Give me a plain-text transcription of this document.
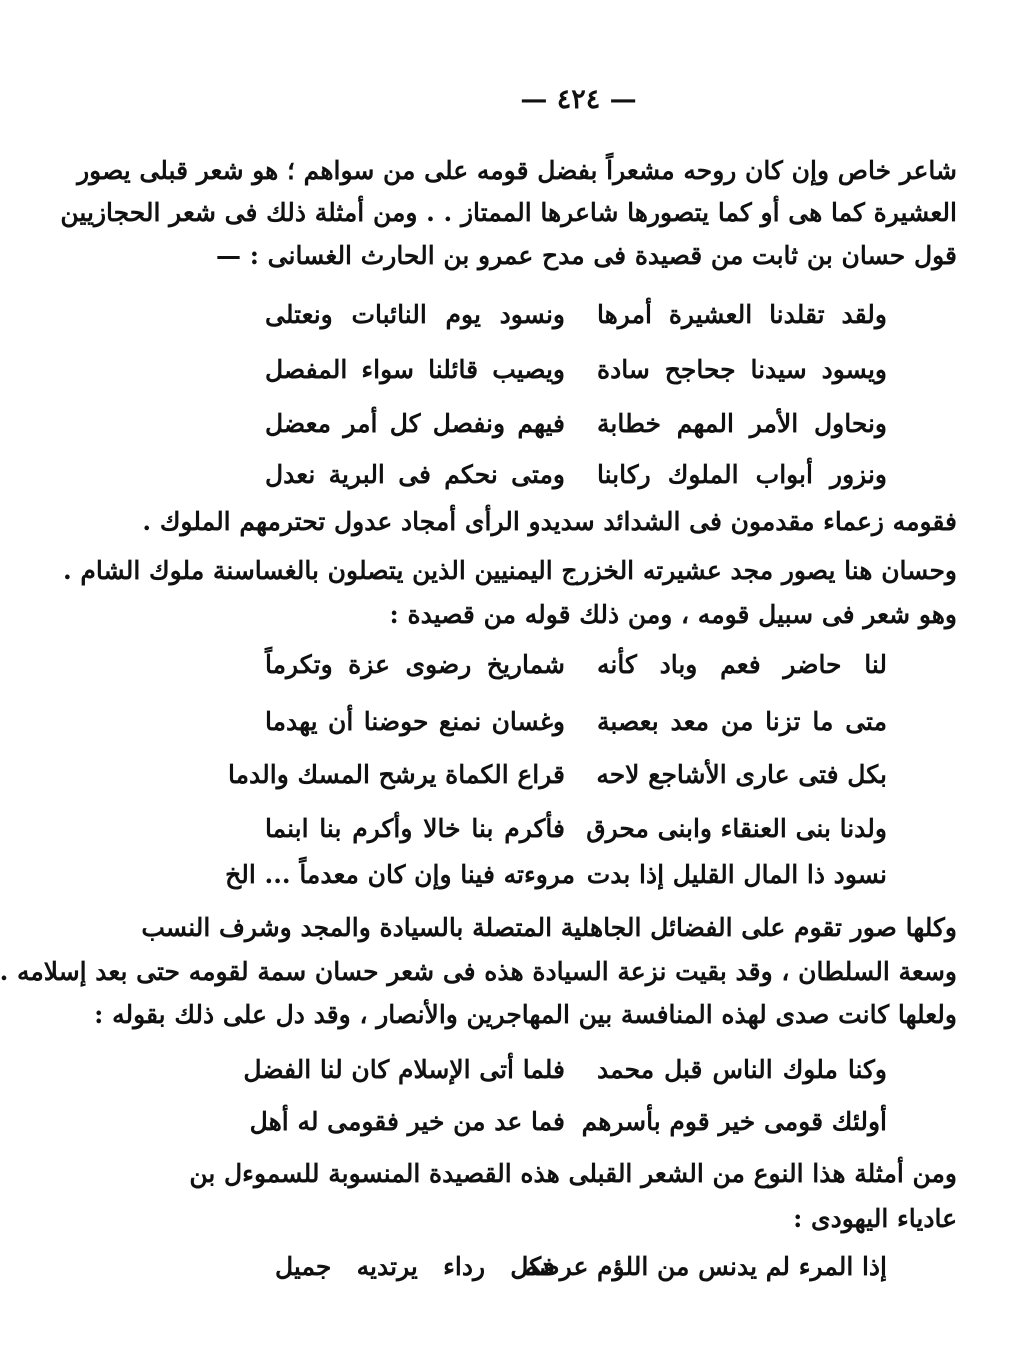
— ٤٢٤ —
شاعر خاص وإن كان روحه مشعراً بفضل قومه على من سواهم ؛ هو شعر قبلى يصور
العشيرة كما هى أو كما يتصورها شاعرها الممتاز . . ومن أمثلة ذلك فى شعر الحجازيين
قول حسان بن ثابت من قصيدة فى مدح عمرو بن الحارث الغسانى : —
ولقد تقلدنا العشيرة أمرها
ونسود يوم النائبات ونعتلى
ويسود سيدنا جحاجح سادة
ويصيب قائلنا سواء المفصل
ونحاول الأمر المهم خطابة
فيهم ونفصل كل أمر معضل
ونزور أبواب الملوك ركابنا
ومتى نحكم فى البرية نعدل
فقومه زعماء مقدمون فى الشدائد سديدو الرأى أمجاد عدول تحترمهم الملوك .
وحسان هنا يصور مجد عشيرته الخزرج اليمنيين الذين يتصلون بالغساسنة ملوك الشام .
وهو شعر فى سبيل قومه ، ومن ذلك قوله من قصيدة :
لنا حاضر فعم وباد كأنه
شماريخ رضوى عزة وتكرماً
متى ما تزنا من معد بعصبة
وغسان نمنع حوضنا أن يهدما
بكل فتى عارى الأشاجع لاحه
قراع الكماة يرشح المسك والدما
ولدنا بنى العنقاء وابنى محرق
فأكرم بنا خالا وأكرم بنا ابنما
نسود ذا المال القليل إذا بدت
مروءته فينا وإن كان معدماً ... الخ
وكلها صور تقوم على الفضائل الجاهلية المتصلة بالسيادة والمجد وشرف النسب
وسعة السلطان ، وقد بقيت نزعة السيادة هذه فى شعر حسان سمة لقومه حتى بعد إسلامه .
ولعلها كانت صدى لهذه المنافسة بين المهاجرين والأنصار ، وقد دل على ذلك بقوله :
وكنا ملوك الناس قبل محمد
فلما أتى الإسلام كان لنا الفضل
أولئك قومى خير قوم بأسرهم
فما عد من خير فقومى له أهل
ومن أمثلة هذا النوع من الشعر القبلى هذه القصيدة المنسوبة للسموءل بن
عادياء اليهودى :
إذا المرء لم يدنس من اللؤم عرضه
فكل رداء يرتديه جميل
